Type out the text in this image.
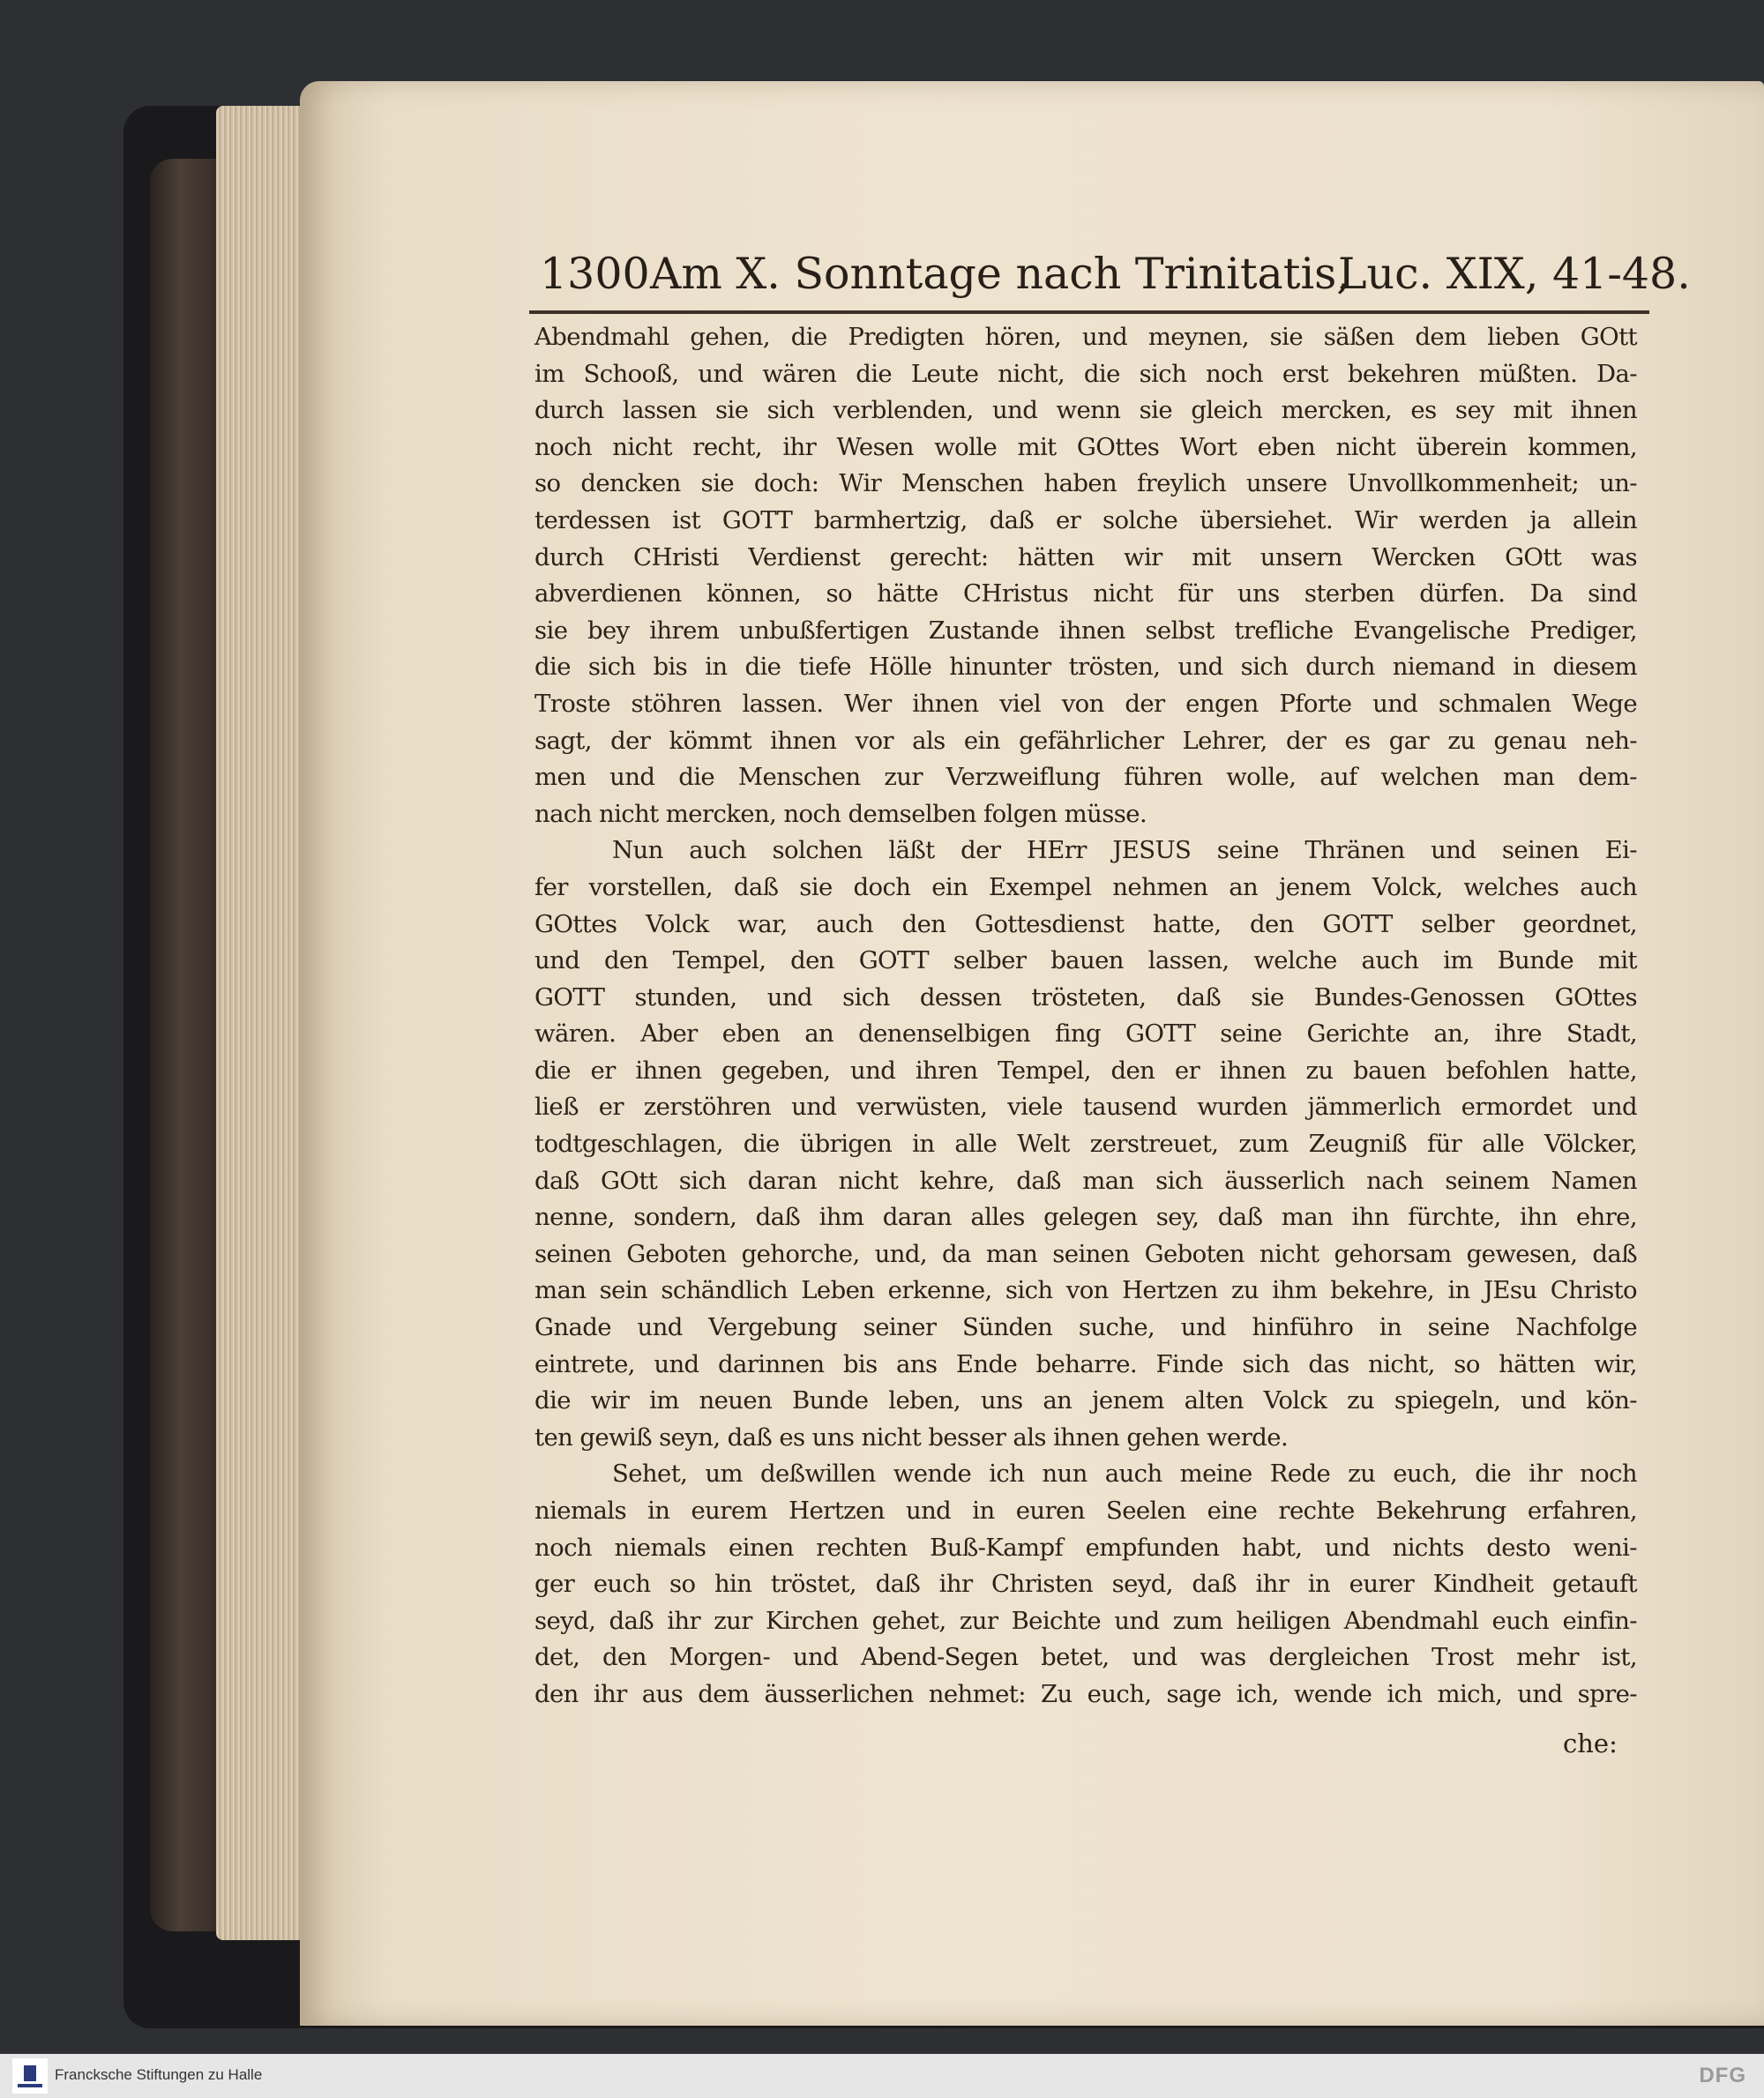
1300 Am X. Sonntage nach Trinitatis,
Luc. XIX, 41-48.
Abendmahl gehen, die Predigten hören, und meynen, sie säßen dem lieben GOtt
im Schooß, und wären die Leute nicht, die sich noch erst bekehren müßten. Da-
durch lassen sie sich verblenden, und wenn sie gleich mercken, es sey mit ihnen
noch nicht recht, ihr Wesen wolle mit GOttes Wort eben nicht überein kommen,
so dencken sie doch: Wir Menschen haben freylich unsere Unvollkommenheit; un-
terdessen ist GOTT barmhertzig, daß er solche übersiehet. Wir werden ja allein
durch CHristi Verdienst gerecht: hätten wir mit unsern Wercken GOtt was
abverdienen können, so hätte CHristus nicht für uns sterben dürfen. Da sind
sie bey ihrem unbußfertigen Zustande ihnen selbst trefliche Evangelische Prediger,
die sich bis in die tiefe Hölle hinunter trösten, und sich durch niemand in diesem
Troste stöhren lassen. Wer ihnen viel von der engen Pforte und schmalen Wege
sagt, der kömmt ihnen vor als ein gefährlicher Lehrer, der es gar zu genau neh-
men und die Menschen zur Verzweiflung führen wolle, auf welchen man dem-
nach nicht mercken, noch demselben folgen müsse.
Nun auch solchen läßt der HErr JESUS seine Thränen und seinen Ei-
fer vorstellen, daß sie doch ein Exempel nehmen an jenem Volck, welches auch
GOttes Volck war, auch den Gottesdienst hatte, den GOTT selber geordnet,
und den Tempel, den GOTT selber bauen lassen, welche auch im Bunde mit
GOTT stunden, und sich dessen trösteten, daß sie Bundes-Genossen GOttes
wären. Aber eben an denenselbigen fing GOTT seine Gerichte an, ihre Stadt,
die er ihnen gegeben, und ihren Tempel, den er ihnen zu bauen befohlen hatte,
ließ er zerstöhren und verwüsten, viele tausend wurden jämmerlich ermordet und
todtgeschlagen, die übrigen in alle Welt zerstreuet, zum Zeugniß für alle Völcker,
daß GOtt sich daran nicht kehre, daß man sich äusserlich nach seinem Namen
nenne, sondern, daß ihm daran alles gelegen sey, daß man ihn fürchte, ihn ehre,
seinen Geboten gehorche, und, da man seinen Geboten nicht gehorsam gewesen, daß
man sein schändlich Leben erkenne, sich von Hertzen zu ihm bekehre, in JEsu Christo
Gnade und Vergebung seiner Sünden suche, und hinführo in seine Nachfolge
eintrete, und darinnen bis ans Ende beharre. Finde sich das nicht, so hätten wir,
die wir im neuen Bunde leben, uns an jenem alten Volck zu spiegeln, und kön-
ten gewiß seyn, daß es uns nicht besser als ihnen gehen werde.
Sehet, um deßwillen wende ich nun auch meine Rede zu euch, die ihr noch
niemals in eurem Hertzen und in euren Seelen eine rechte Bekehrung erfahren,
noch niemals einen rechten Buß-Kampf empfunden habt, und nichts desto weni-
ger euch so hin tröstet, daß ihr Christen seyd, daß ihr in eurer Kindheit getauft
seyd, daß ihr zur Kirchen gehet, zur Beichte und zum heiligen Abendmahl euch einfin-
det, den Morgen- und Abend-Segen betet, und was dergleichen Trost mehr ist,
den ihr aus dem äusserlichen nehmet: Zu euch, sage ich, wende ich mich, und spre-
che:
Francksche Stiftungen zu Halle	DFG
